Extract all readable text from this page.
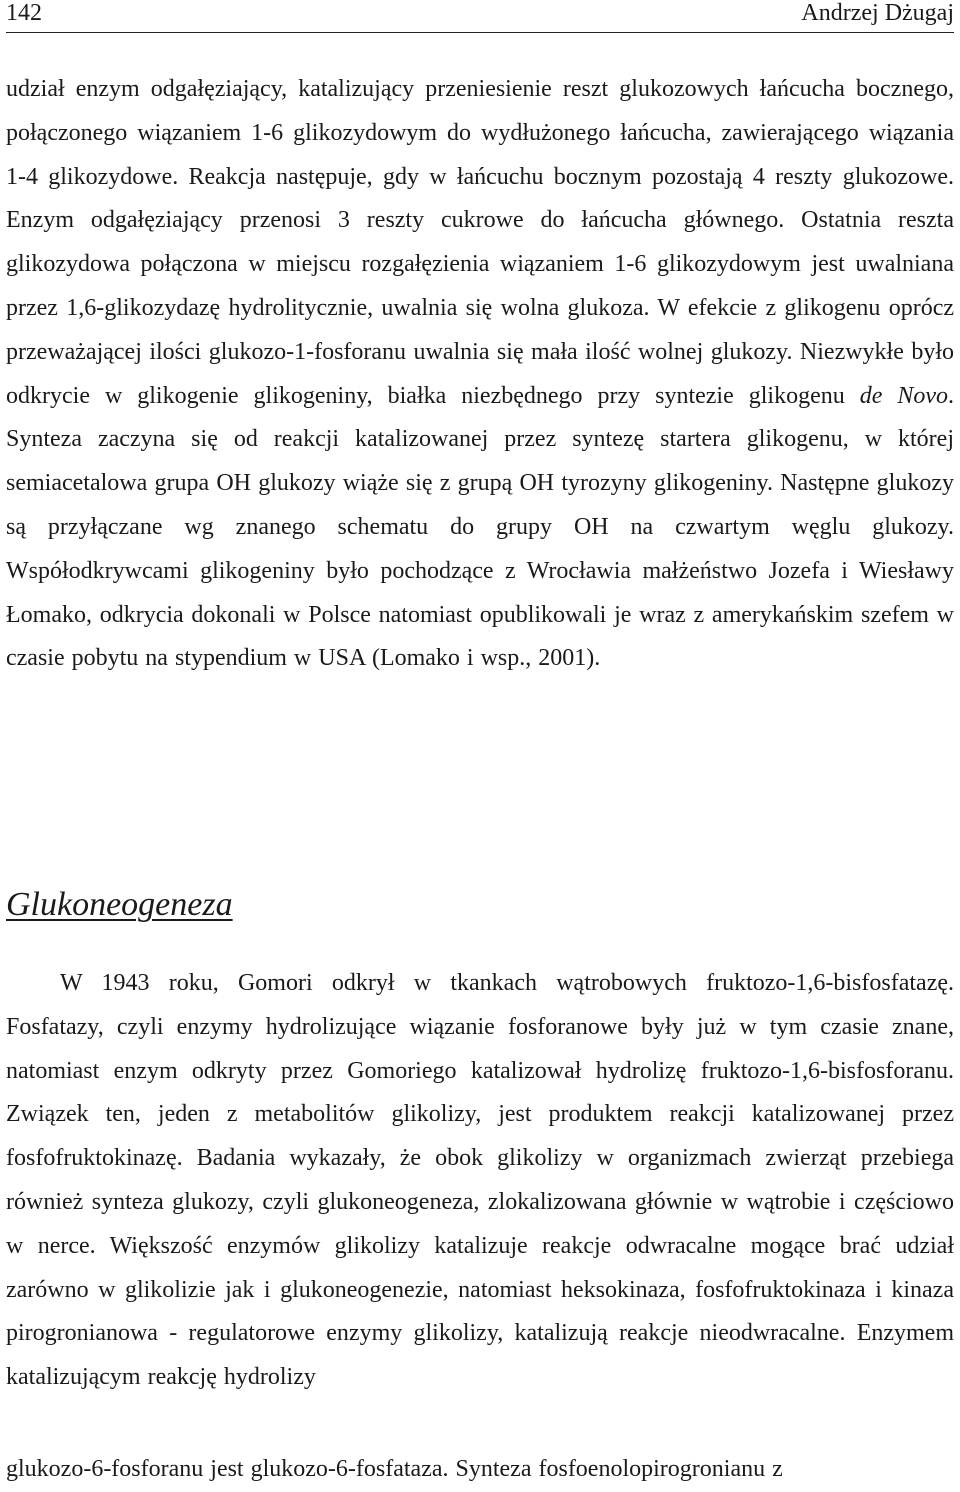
142	Andrzej Dżugaj

udział enzym odgałęziający, katalizujący przeniesienie reszt glukozowych łańcucha bocznego, połączonego wiązaniem 1-6 glikozydowym do wydłużonego łańcucha, zawierającego wiązania 1-4 glikozydowe. Reakcja następuje, gdy w łańcuchu bocznym pozostają 4 reszty glukozowe. Enzym odgałęziający przenosi 3 reszty cukrowe do łańcucha głównego. Ostatnia reszta glikozydowa połączona w miejscu rozgałęzienia wiązaniem 1-6 glikozydowym jest uwalniana przez 1,6-glikozydazę hydrolitycznie, uwalnia się wolna glukoza. W efekcie z glikogenu oprócz przeważającej ilości glukozo-1-fosforanu uwalnia się mała ilość wolnej glukozy. Niezwykłe było odkrycie w glikogenie glikogeniny, białka niezbędnego przy syntezie glikogenu de Novo. Synteza zaczyna się od reakcji katalizowanej przez syntezę startera glikogenu, w której semiacetalowa grupa OH glukozy wiąże się z grupą OH tyrozyny glikogeniny. Następne glukozy są przyłączane wg znanego schematu do grupy OH na czwartym węglu glukozy. Współodkrywcami glikogeniny było pochodzące z Wrocławia małżeństwo Jozefa i Wiesławy Łomako, odkrycia dokonali w Polsce natomiast opublikowali je wraz z amerykańskim szefem w czasie pobytu na stypendium w USA (Lomako i wsp., 2001).

Glukoneogeneza

W 1943 roku, Gomori odkrył w tkankach wątrobowych fruktozo-1,6-bisfosfatazę. Fosfatazy, czyli enzymy hydrolizujące wiązanie fosforanowe były już w tym czasie znane, natomiast enzym odkryty przez Gomoriego katalizował hydrolizę fruktozo-1,6-bisfosforanu. Związek ten, jeden z metabolitów glikolizy, jest produktem reakcji katalizowanej przez fosfofruktokinazę. Badania wykazały, że obok glikolizy w organizmach zwierząt przebiega również synteza glukozy, czyli glukoneogeneza, zlokalizowana głównie w wątrobie i częściowo w nerce. Większość enzymów glikolizy katalizuje reakcje odwracalne mogące brać udział zarówno w glikolizie jak i glukoneogenezie, natomiast heksokinaza, fosfofruktokinaza i kinaza pirogronianowa - regulatorowe enzymy glikolizy, katalizują reakcje nieodwracalne. Enzymem katalizującym reakcję hydrolizy

glukozo-6-fosforanu jest glukozo-6-fosfataza. Synteza fosfoenolopirogronianu z
